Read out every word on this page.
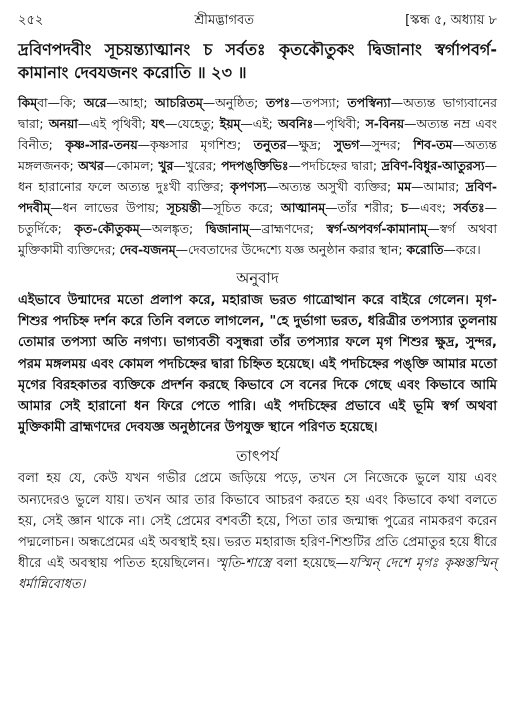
২৫২	শ্রীমদ্ভাগবত	[স্কন্ধ ৫, অধ্যায় ৮
দ্রবিণপদবীং সূচয়ন্ত্যাত্মানং চ সর্বতঃ কৃতকৌতুকং দ্বিজানাং স্বর্গাপবর্গ-কামানাং দেবযজনং করোতি ॥ ২৩ ॥
কিম্বা—কি; অরে—আহা; আচরিতম্—অনুষ্ঠিত; তপঃ—তপস্যা; তপস্বিন্যা—অত্যন্ত ভাগ্যবানের দ্বারা; অনয়া—এই পৃথিবী; যৎ—যেহেতু; ইয়ম্—এই; অবনিঃ—পৃথিবী; স-বিনয়—অত্যন্ত নম্র এবং বিনীত; কৃষ্ণ-সার-তনয়—কৃষ্ণসার মৃগশিশু; তনুতর—ক্ষুদ্র; সুভগ—সুন্দর; শিব-তম—অত্যন্ত মঙ্গলজনক; অখর—কোমল; খুর—খুরের; পদপঙ্‌ক্তিভিঃ—পদচিহ্নের দ্বারা; দ্রবিণ-বিধুর-আতুরস্য—ধন হারানোর ফলে অত্যন্ত দুঃখী ব্যক্তির; কৃপণস্য—অত্যন্ত অসুখী ব্যক্তির; মম—আমার; দ্রবিণ-পদবীম্—ধন লাভের উপায়; সূচয়ন্তী—সূচিত করে; আত্মানম্—তাঁর শরীর; চ—এবং; সর্বতঃ—চতুর্দিকে; কৃত-কৌতুকম্—অলঙ্কৃত; দ্বিজানাম্—ব্রাহ্মণদের; স্বর্গ-অপবর্গ-কামানাম্—স্বর্গ অথবা মুক্তিকামী ব্যক্তিদের; দেব-যজনম্—দেবতাদের উদ্দেশ্যে যজ্ঞ অনুষ্ঠান করার স্থান; করোতি—করে।
অনুবাদ
এইভাবে উন্মাদের মতো প্রলাপ করে, মহারাজ ভরত গাত্রোত্থান করে বাইরে গেলেন। মৃগ-শিশুর পদচিহ্ন দর্শন করে তিনি বলতে লাগলেন, "হে দুর্ভাগা ভরত, ধরিত্রীর তপস্যার তুলনায় তোমার তপস্যা অতি নগণ্য। ভাগ্যবতী বসুন্ধরা তাঁর তপস্যার ফলে মৃগ শিশুর ক্ষুদ্র, সুন্দর, পরম মঙ্গলময় এবং কোমল পদচিহ্নের দ্বারা চিহ্নিত হয়েছে। এই পদচিহ্নের পঙ্‌ক্তি আমার মতো মৃগের বিরহকাতর ব্যক্তিকে প্রদর্শন করছে কিভাবে সে বনের দিকে গেছে এবং কিভাবে আমি আমার সেই হারানো ধন ফিরে পেতে পারি। এই পদচিহ্নের প্রভাবে এই ভূমি স্বর্গ অথবা মুক্তিকামী ব্রাহ্মণদের দেবযজ্ঞ অনুষ্ঠানের উপযুক্ত স্থানে পরিণত হয়েছে।
তাৎপর্য
বলা হয় যে, কেউ যখন গভীর প্রেমে জড়িয়ে পড়ে, তখন সে নিজেকে ভুলে যায় এবং অন্যদেরও ভুলে যায়। তখন আর তার কিভাবে আচরণ করতে হয় এবং কিভাবে কথা বলতে হয়, সেই জ্ঞান থাকে না। সেই প্রেমের বশবর্তী হয়ে, পিতা তার জন্মান্ধ পুত্রের নামকরণ করেন পদ্মলোচন। অন্ধপ্রেমের এই অবস্থাই হয়। ভরত মহারাজ হরিণ-শিশুটির প্রতি প্রেমাতুর হয়ে ধীরে ধীরে এই অবস্থায় পতিত হয়েছিলেন। স্মৃতি-শাস্ত্রে বলা হয়েছে—যস্মিন্ দেশে মৃগঃ কৃষ্ণস্তস্মিন্ ধর্মান্নিবোধত।
